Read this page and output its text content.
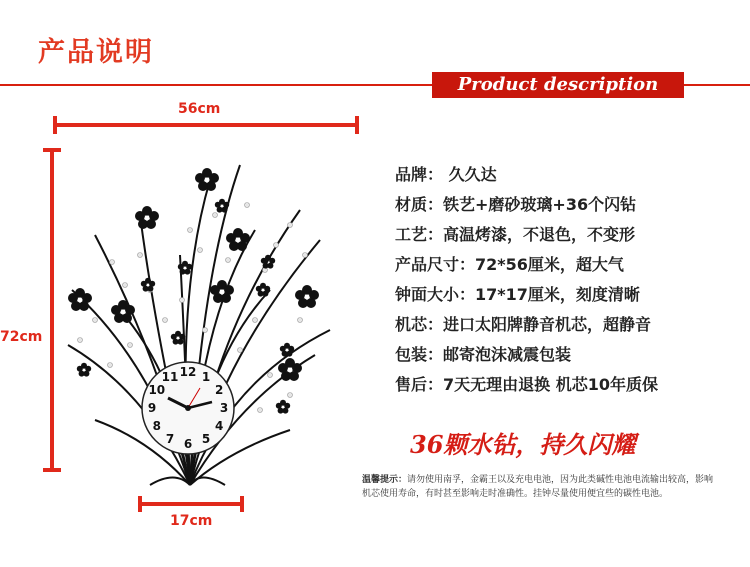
产品说明
Product description
12 1
2
3
4
5
6
7
8
9
10
11
56cm
72cm
17cm
品牌： 久久达
材质：铁艺+磨砂玻璃+36个闪钻
工艺：高温烤漆，不退色，不变形
产品尺寸：72*56厘米，超大气
钟面大小：17*17厘米，刻度清晰
机芯：进口太阳牌静音机芯，超静音
包装：邮寄泡沫减震包装
售后：7天无理由退换 机芯10年质保
36颗水钻，持久闪耀
温馨提示：请勿使用南孚，金霸王以及充电电池，因为此类碱性电池电流输出较高，影响机芯使用寿命，有时甚至影响走时准确性。挂钟尽量使用便宜些的碳性电池。
